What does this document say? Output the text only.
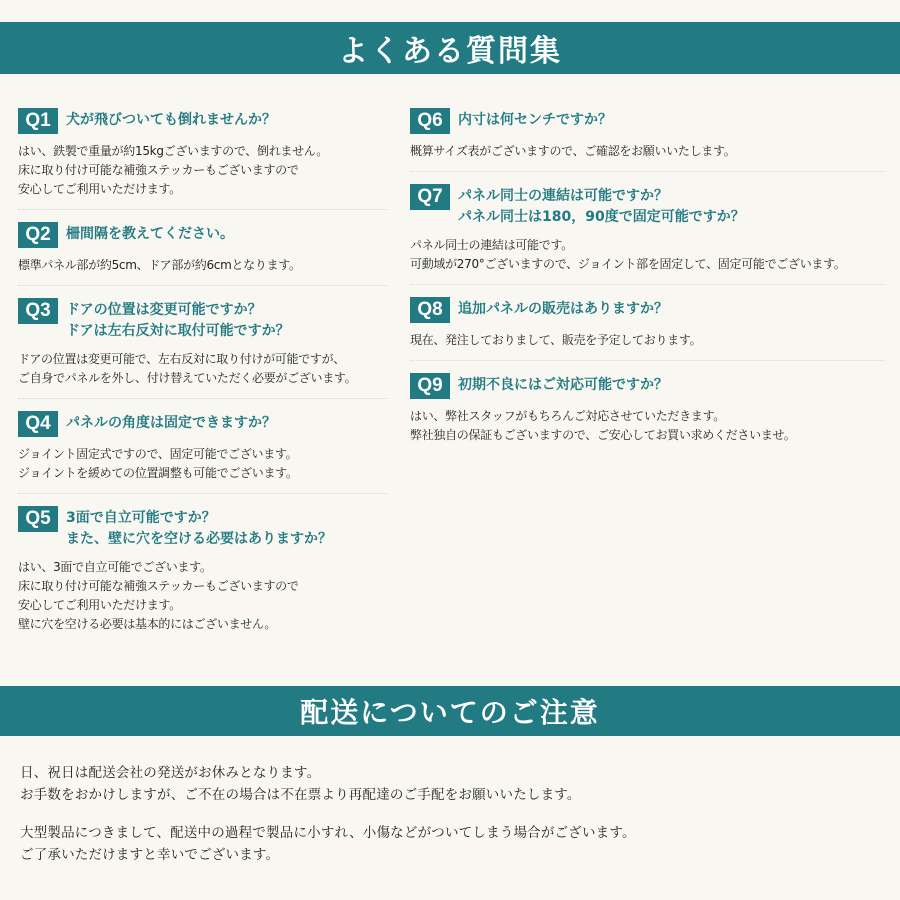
よくある質問集
Q1	犬が飛びついても倒れませんか？
はい、鉄製で重量が約15kgございますので、倒れません。
床に取り付け可能な補強ステッカーもございますので
安心してご利用いただけます。
Q2	柵間隔を教えてください。
標準パネル部が約5cm、ドア部が約6cmとなります。
Q3	ドアの位置は変更可能ですか？
ドアは左右反対に取付可能ですか？
ドアの位置は変更可能で、左右反対に取り付けが可能ですが、
ご自身でパネルを外し、付け替えていただく必要がございます。
Q4	パネルの角度は固定できますか？
ジョイント固定式ですので、固定可能でございます。
ジョイントを緩めての位置調整も可能でございます。
Q5	3面で自立可能ですか？
また、壁に穴を空ける必要はありますか？
はい、3面で自立可能でございます。
床に取り付け可能な補強ステッカーもございますので
安心してご利用いただけます。
壁に穴を空ける必要は基本的にはございません。
Q6	内寸は何センチですか？
概算サイズ表がございますので、ご確認をお願いいたします。
Q7	パネル同士の連結は可能ですか？
パネル同士は180，90度で固定可能ですか？
パネル同士の連結は可能です。
可動域が270°ございますので、ジョイント部を固定して、固定可能でございます。
Q8	追加パネルの販売はありますか？
現在、発注しておりまして、販売を予定しております。
Q9	初期不良にはご対応可能ですか？
はい、弊社スタッフがもちろんご対応させていただきます。
弊社独自の保証もございますので、ご安心してお買い求めくださいませ。
配送についてのご注意
日、祝日は配送会社の発送がお休みとなります。
お手数をおかけしますが、ご不在の場合は不在票より再配達のご手配をお願いいたします。
大型製品につきまして、配送中の過程で製品に小すれ、小傷などがついてしまう場合がございます。
ご了承いただけますと幸いでございます。
